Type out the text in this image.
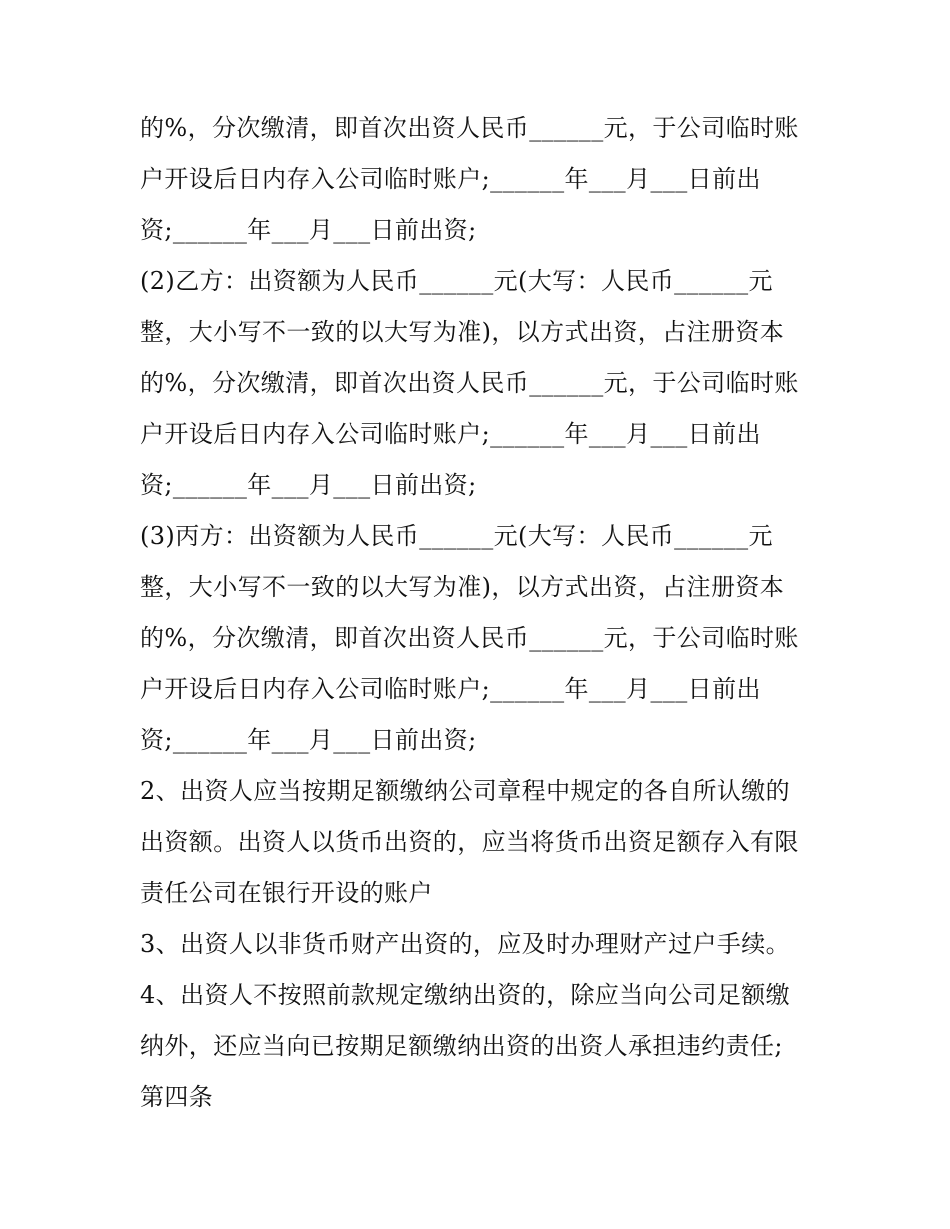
的%，分次缴清，即首次出资人民币______元，于公司临时账
户开设后日内存入公司临时账户;______年___月___日前出
资;______年___月___日前出资;
(2)乙方：出资额为人民币______元(大写：人民币______元
整，大小写不一致的以大写为准)，以方式出资，占注册资本
的%，分次缴清，即首次出资人民币______元，于公司临时账
户开设后日内存入公司临时账户;______年___月___日前出
资;______年___月___日前出资;
(3)丙方：出资额为人民币______元(大写：人民币______元
整，大小写不一致的以大写为准)，以方式出资，占注册资本
的%，分次缴清，即首次出资人民币______元，于公司临时账
户开设后日内存入公司临时账户;______年___月___日前出
资;______年___月___日前出资;
2、出资人应当按期足额缴纳公司章程中规定的各自所认缴的
出资额。出资人以货币出资的，应当将货币出资足额存入有限
责任公司在银行开设的账户
3、出资人以非货币财产出资的，应及时办理财产过户手续。
4、出资人不按照前款规定缴纳出资的，除应当向公司足额缴
纳外，还应当向已按期足额缴纳出资的出资人承担违约责任;
第四条
